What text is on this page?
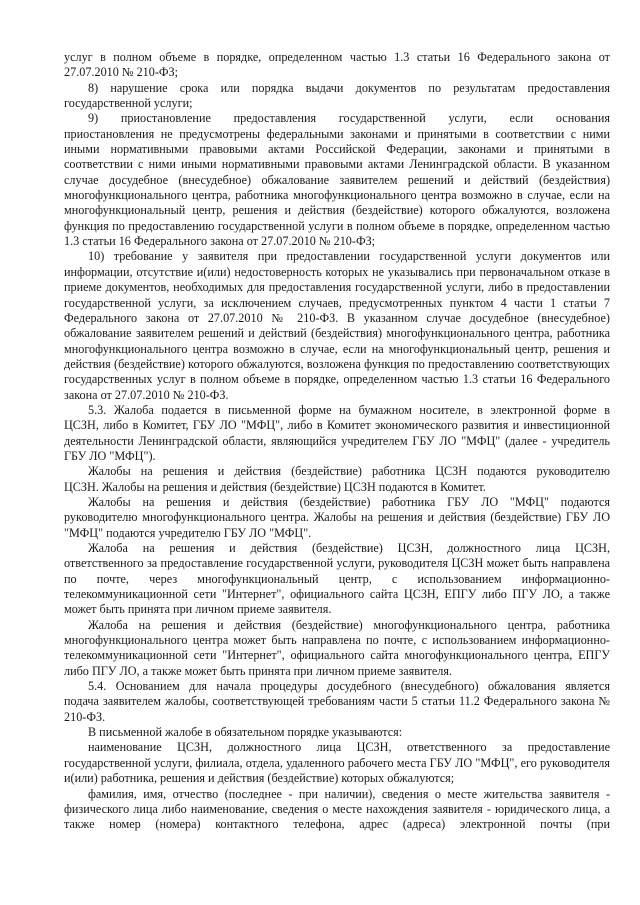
услуг в полном объеме в порядке, определенном частью 1.3 статьи 16 Федерального закона от
27.07.2010 № 210-ФЗ;

8) нарушение срока или порядка выдачи документов по результатам предоставления
государственной услуги;

9) приостановление предоставления государственной услуги, если основания
приостановления не предусмотрены федеральными законами и принятыми в соответствии с ними иными нормативными правовыми актами Российской Федерации, законами и принятыми в соответствии с ними иными нормативными правовыми актами Ленинградской области. В указанном случае досудебное (внесудебное) обжалование заявителем решений и действий (бездействия) многофункционального центра, работника многофункционального центра возможно в случае, если на многофункциональный центр, решения и действия (бездействие) которого обжалуются, возложена функция по предоставлению государственной услуги в полном объеме в порядке, определенном частью 1.3 статьи 16 Федерального закона от 27.07.2010 № 210-ФЗ;

10) требование у заявителя при предоставлении государственной услуги документов или
информации, отсутствие и(или) недостоверность которых не указывались при первоначальном отказе в приеме документов, необходимых для предоставления государственной услуги, либо в предоставлении государственной услуги, за исключением случаев, предусмотренных пунктом 4 части 1 статьи 7 Федерального закона от 27.07.2010 № 210-ФЗ. В указанном случае досудебное (внесудебное) обжалование заявителем решений и действий (бездействия) многофункционального центра, работника многофункционального центра возможно в случае, если на многофункциональный центр, решения и действия (бездействие) которого обжалуются, возложена функция по предоставлению соответствующих государственных услуг в полном объеме в порядке, определенном частью 1.3 статьи 16 Федерального закона от 27.07.2010 № 210-ФЗ.

5.3. Жалоба подается в письменной форме на бумажном носителе, в электронной форме в
ЦСЗН, либо в Комитет, ГБУ ЛО "МФЦ", либо в Комитет экономического развития и инвестиционной деятельности Ленинградской области, являющийся учредителем ГБУ ЛО "МФЦ" (далее - учредитель ГБУ ЛО "МФЦ").

Жалобы на решения и действия (бездействие) работника ЦСЗН подаются руководителю
ЦСЗН. Жалобы на решения и действия (бездействие) ЦСЗН подаются в Комитет.

Жалобы на решения и действия (бездействие) работника ГБУ ЛО "МФЦ" подаются
руководителю многофункционального центра. Жалобы на решения и действия (бездействие) ГБУ ЛО "МФЦ" подаются учредителю ГБУ ЛО "МФЦ".

Жалоба на решения и действия (бездействие) ЦСЗН, должностного лица ЦСЗН,
ответственного за предоставление государственной услуги, руководителя ЦСЗН может быть направлена по почте, через многофункциональный центр, с использованием информационно-телекоммуникационной сети "Интернет", официального сайта ЦСЗН, ЕПГУ либо ПГУ ЛО, а также может быть принята при личном приеме заявителя.

Жалоба на решения и действия (бездействие) многофункционального центра, работника
многофункционального центра может быть направлена по почте, с использованием информационно-телекоммуникационной сети "Интернет", официального сайта многофункционального центра, ЕПГУ либо ПГУ ЛО, а также может быть принята при личном приеме заявителя.

5.4. Основанием для начала процедуры досудебного (внесудебного) обжалования является
подача заявителем жалобы, соответствующей требованиям части 5 статьи 11.2 Федерального закона № 210-ФЗ.

В письменной жалобе в обязательном порядке указываются:

наименование ЦСЗН, должностного лица ЦСЗН, ответственного за предоставление
государственной услуги, филиала, отдела, удаленного рабочего места ГБУ ЛО "МФЦ", его руководителя и(или) работника, решения и действия (бездействие) которых обжалуются;

фамилия, имя, отчество (последнее - при наличии), сведения о месте жительства заявителя -
физического лица либо наименование, сведения о месте нахождения заявителя - юридического лица, а также номер (номера) контактного телефона, адрес (адреса) электронной почты (при
